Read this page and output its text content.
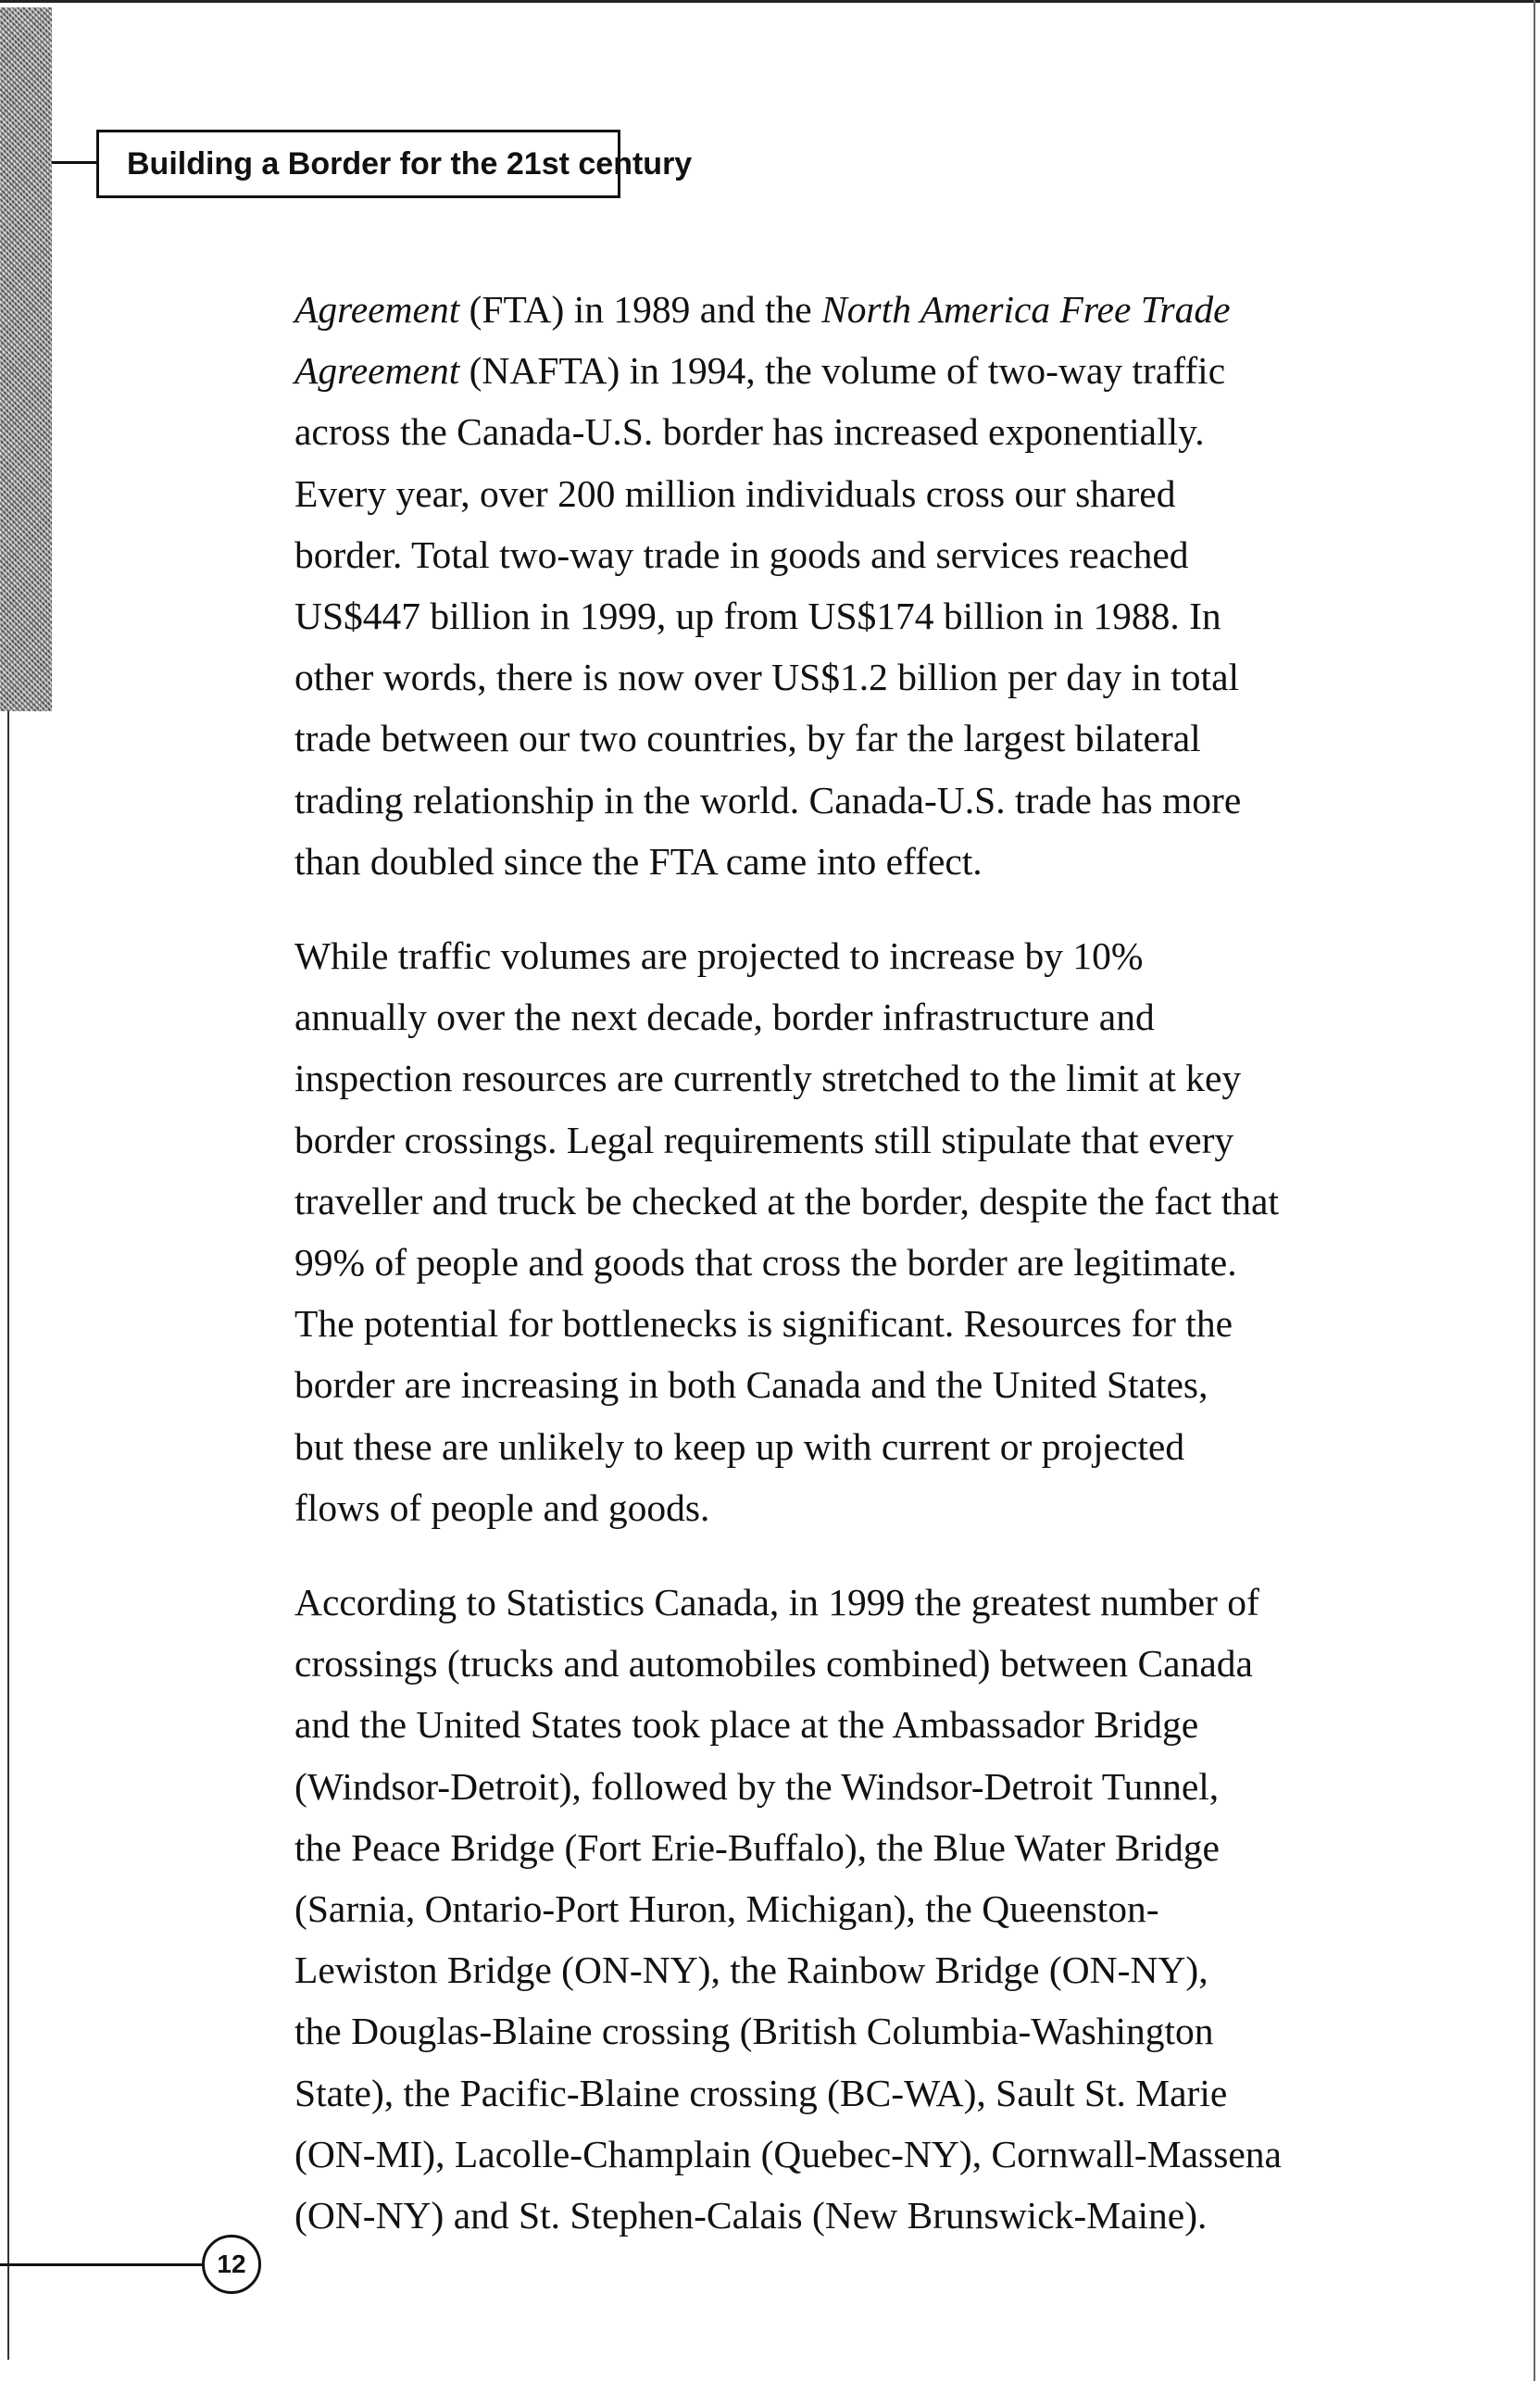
Building a Border for the 21st century

Agreement (FTA) in 1989 and the North America Free Trade
Agreement (NAFTA) in 1994, the volume of two-way traffic
across the Canada-U.S. border has increased exponentially.
Every year, over 200 million individuals cross our shared
border. Total two-way trade in goods and services reached
US$447 billion in 1999, up from US$174 billion in 1988. In
other words, there is now over US$1.2 billion per day in total
trade between our two countries, by far the largest bilateral
trading relationship in the world. Canada-U.S. trade has more
than doubled since the FTA came into effect.

While traffic volumes are projected to increase by 10%
annually over the next decade, border infrastructure and
inspection resources are currently stretched to the limit at key
border crossings. Legal requirements still stipulate that every
traveller and truck be checked at the border, despite the fact that
99% of people and goods that cross the border are legitimate.
The potential for bottlenecks is significant. Resources for the
border are increasing in both Canada and the United States,
but these are unlikely to keep up with current or projected
flows of people and goods.

According to Statistics Canada, in 1999 the greatest number of
crossings (trucks and automobiles combined) between Canada
and the United States took place at the Ambassador Bridge
(Windsor-Detroit), followed by the Windsor-Detroit Tunnel,
the Peace Bridge (Fort Erie-Buffalo), the Blue Water Bridge
(Sarnia, Ontario-Port Huron, Michigan), the Queenston-
Lewiston Bridge (ON-NY), the Rainbow Bridge (ON-NY),
the Douglas-Blaine crossing (British Columbia-Washington
State), the Pacific-Blaine crossing (BC-WA), Sault St. Marie
(ON-MI), Lacolle-Champlain (Quebec-NY), Cornwall-Massena
(ON-NY) and St. Stephen-Calais (New Brunswick-Maine).

12
